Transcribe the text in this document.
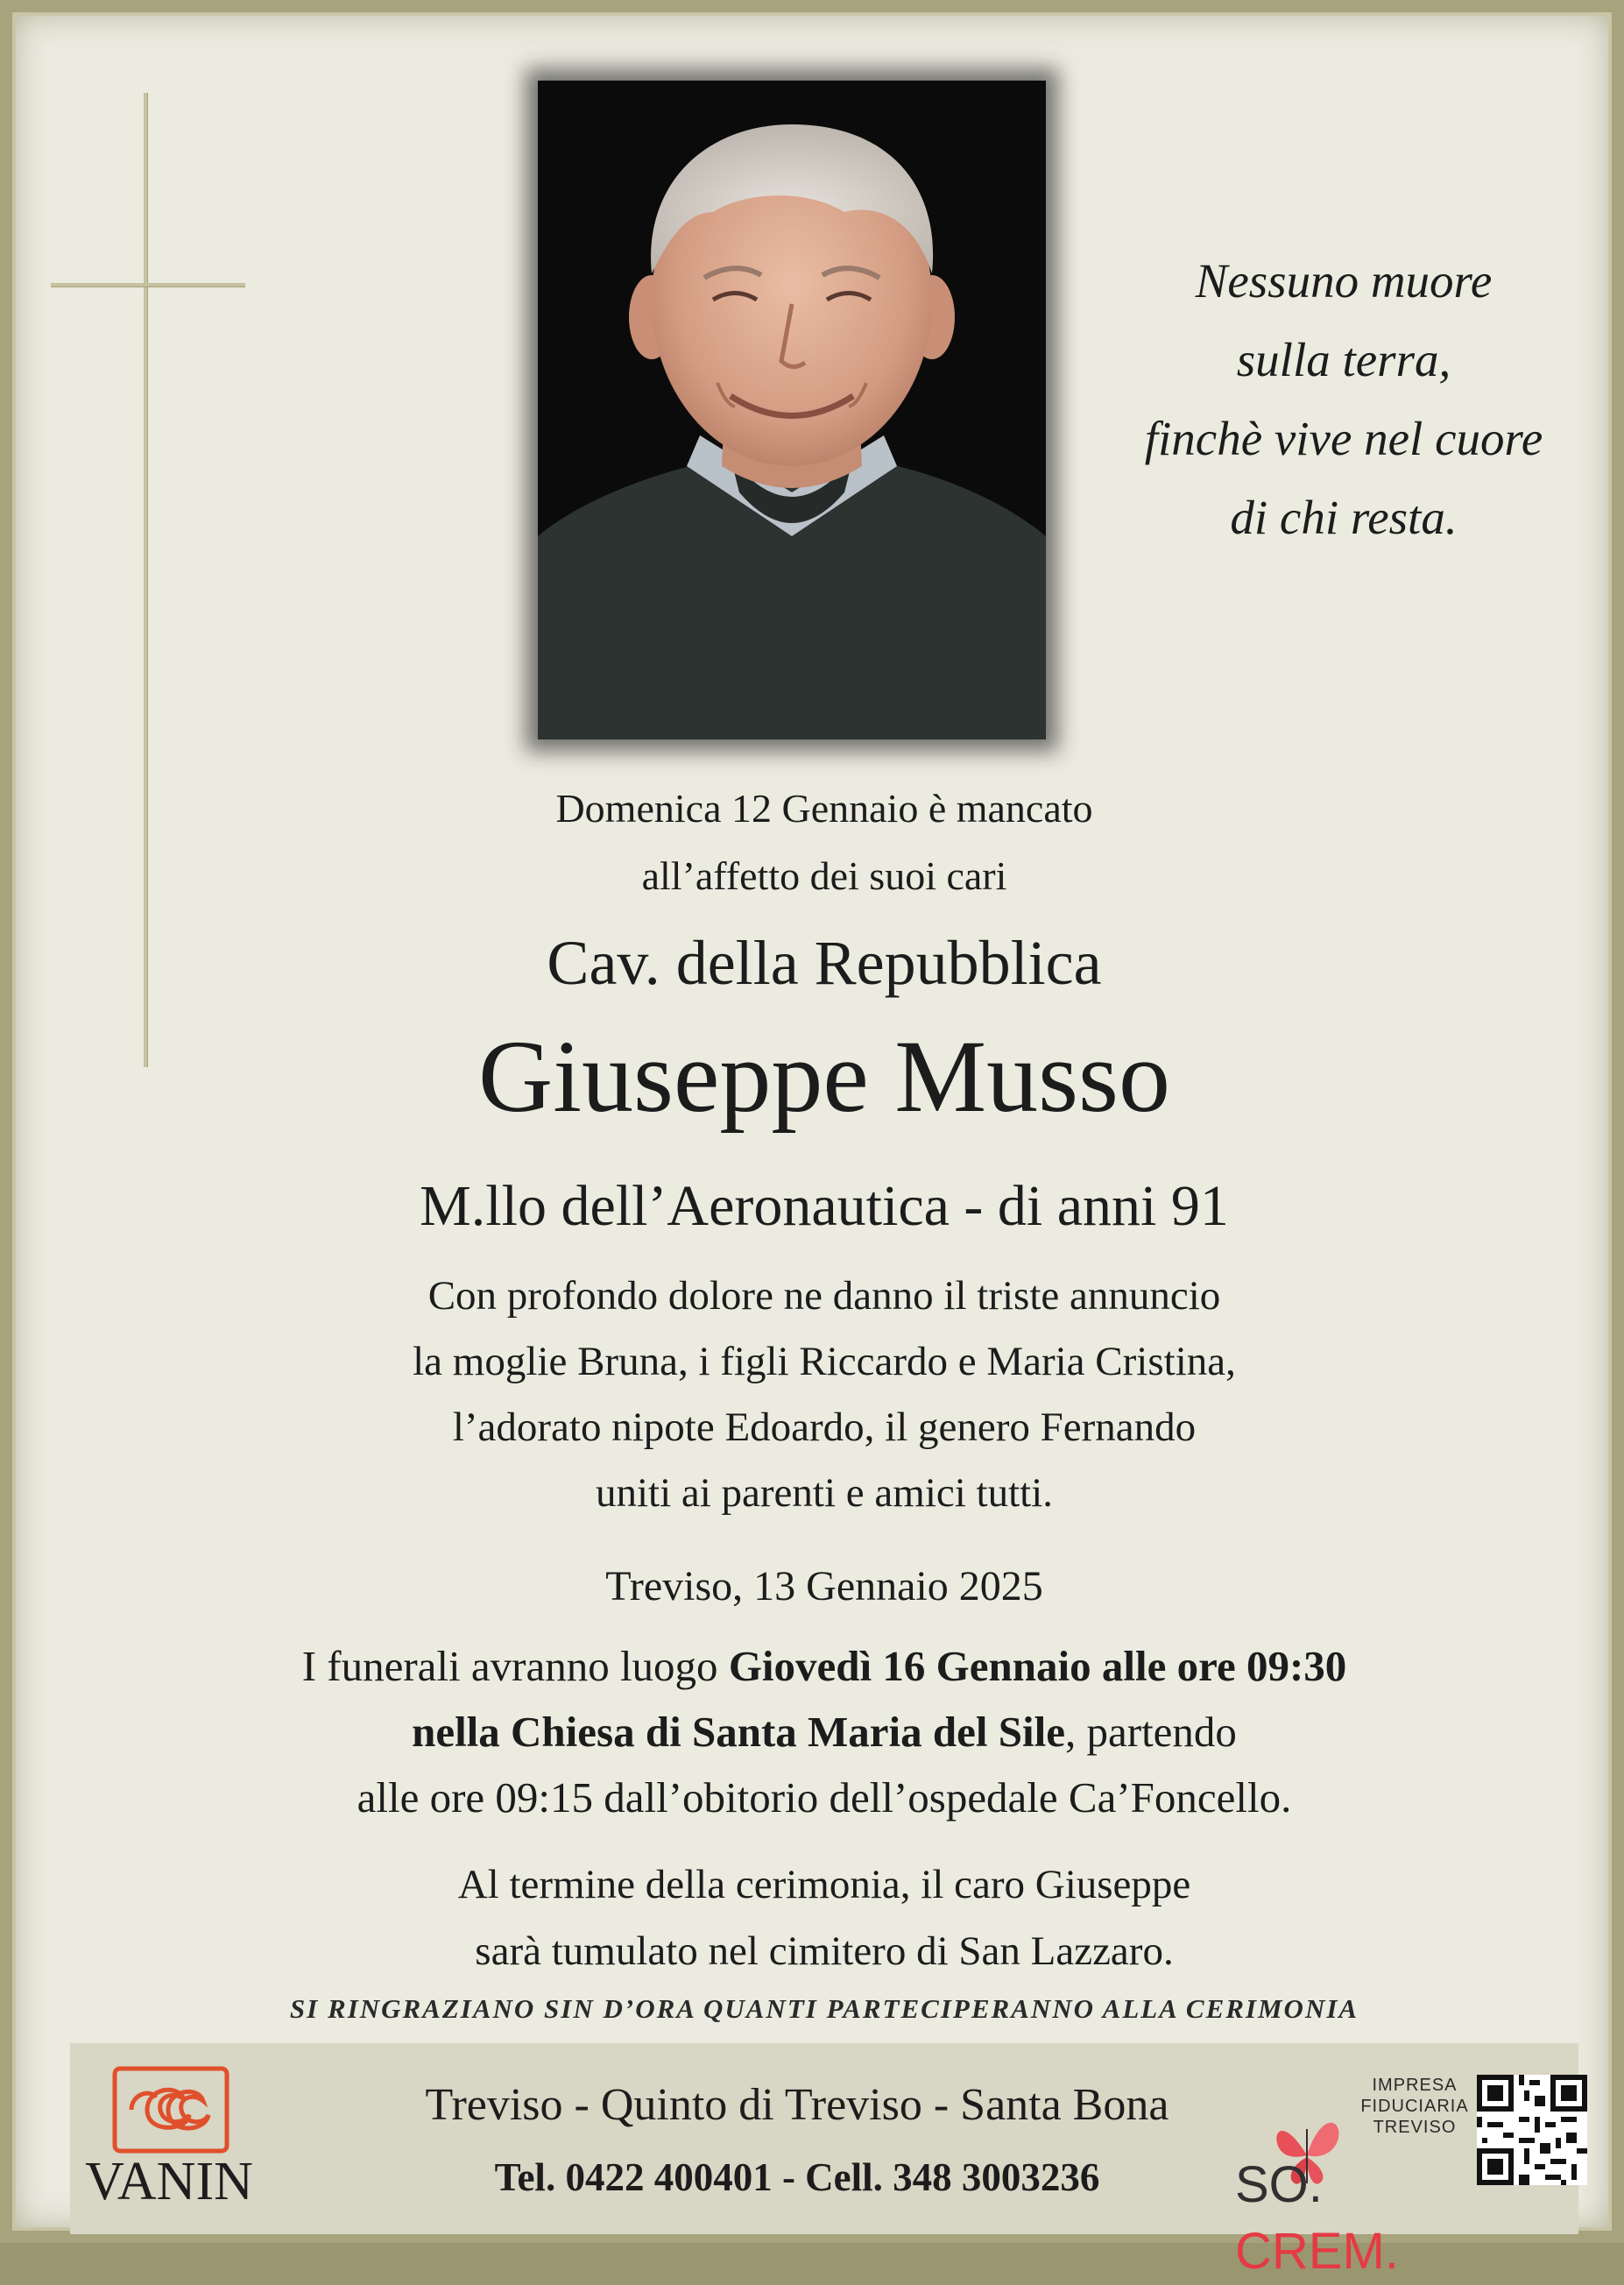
Nessuno muore
sulla terra,
finchè vive nel cuore
di chi resta.
Domenica 12 Gennaio è mancato
all’affetto dei suoi cari
Cav. della Repubblica
Giuseppe Musso
M.llo dell’Aeronautica - di anni 91
Con profondo dolore ne danno il triste annuncio
la moglie Bruna, i figli Riccardo e Maria Cristina,
l’adorato nipote Edoardo, il genero Fernando
uniti ai parenti e amici tutti.
Treviso, 13 Gennaio 2025
I funerali avranno luogo Giovedì 16 Gennaio alle ore 09:30
nella Chiesa di Santa Maria del Sile, partendo
alle ore 09:15 dall’obitorio dell’ospedale Ca’Foncello.
Al termine della cerimonia, il caro Giuseppe
sarà tumulato nel cimitero di San Lazzaro.
SI RINGRAZIANO SIN D’ORA QUANTI PARTECIPERANNO ALLA CERIMONIA
VANIN
Treviso - Quinto di Treviso - Santa Bona
Tel. 0422 400401 - Cell. 348 3003236
IMPRESA
FIDUCIARIA
TREVISO
SO. CREM.
